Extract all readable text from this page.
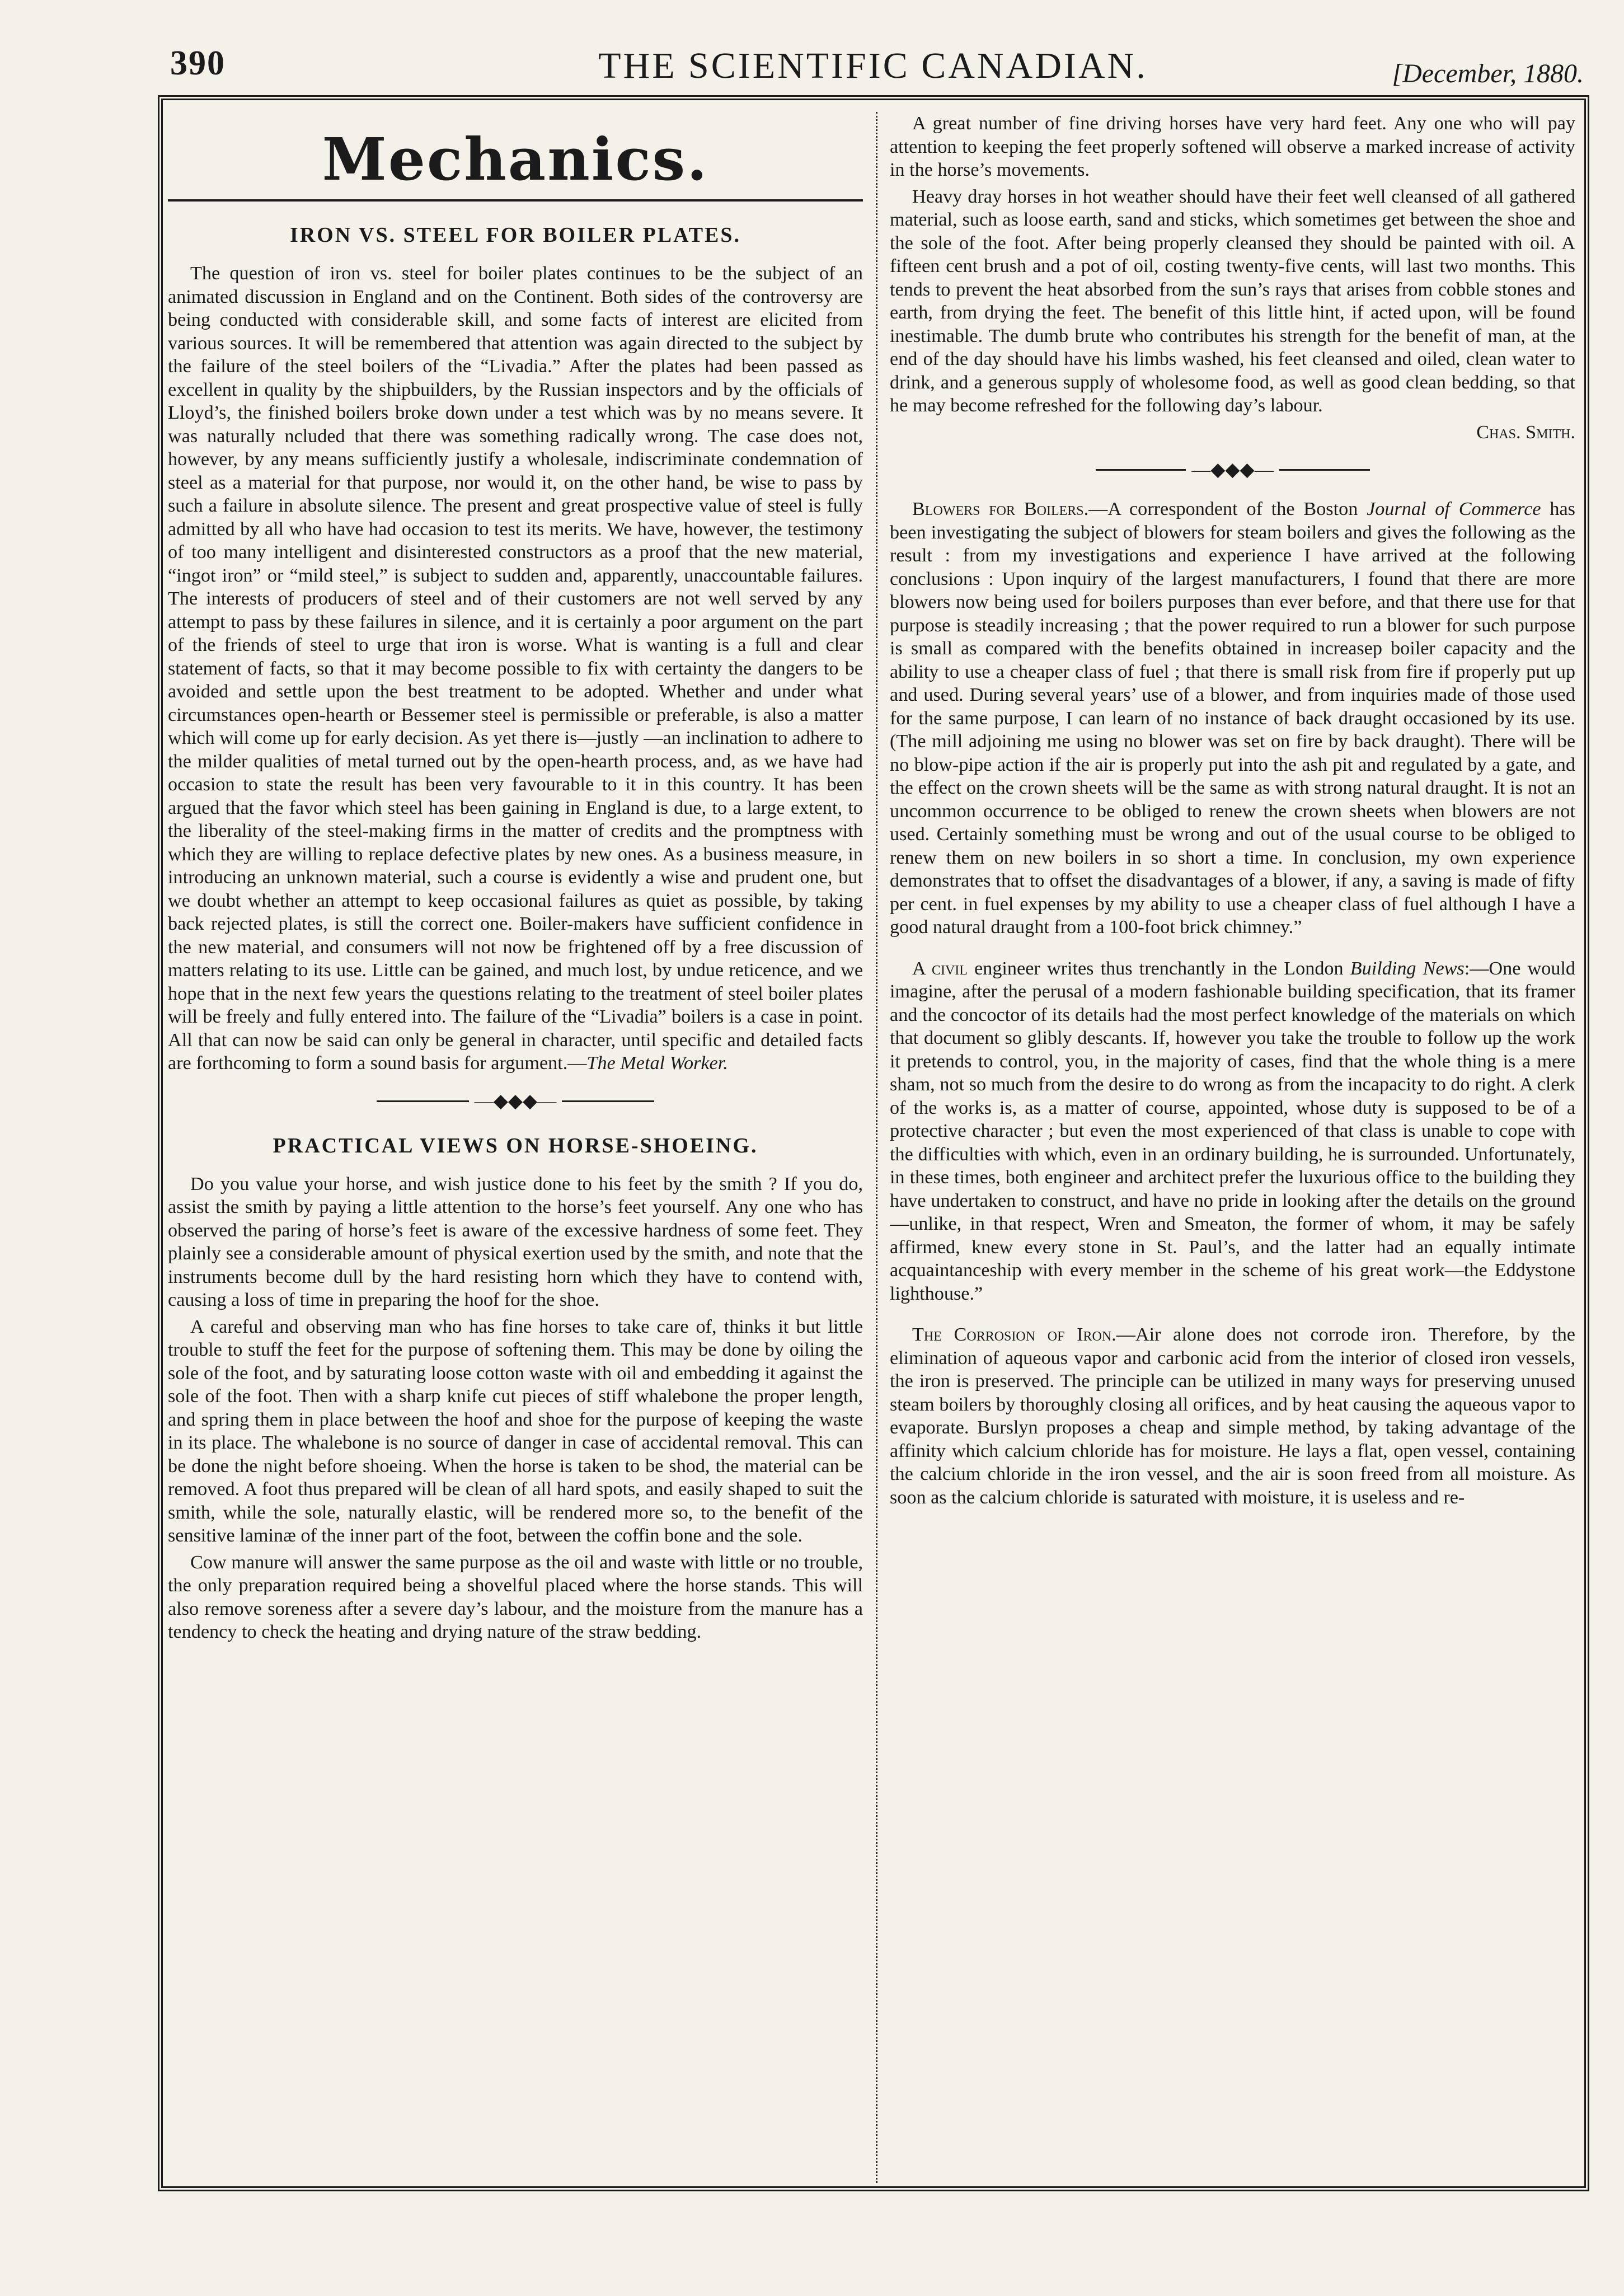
390	THE SCIENTIFIC CANADIAN.	[December, 1880.
Mechanics.
IRON VS. STEEL FOR BOILER PLATES.

The question of iron vs. steel for boiler plates continues to be the subject of an animated discussion in England and on the Continent. Both sides of the controversy are being conducted with considerable skill, and some facts of interest are elicited from various sources. It will be remembered that attention was again directed to the subject by the failure of the steel boilers of the “Livadia.” After the plates had been passed as excellent in quality by the shipbuilders, by the Russian inspectors and by the officials of Lloyd’s, the finished boilers broke down under a test which was by no means severe. It was naturally ncluded that there was something radically wrong. The case does not, however, by any means sufficiently justify a wholesale, indiscriminate condemnation of steel as a material for that purpose, nor would it, on the other hand, be wise to pass by such a failure in absolute silence. The present and great prospective value of steel is fully admitted by all who have had occasion to test its merits. We have, however, the testimony of too many intelligent and disinterested constructors as a proof that the new material, “ingot iron” or “mild steel,” is subject to sudden and, apparently, unaccountable failures. The interests of producers of steel and of their customers are not well served by any attempt to pass by these failures in silence, and it is certainly a poor argument on the part of the friends of steel to urge that iron is worse. What is wanting is a full and clear statement of facts, so that it may become possible to fix with certainty the dangers to be avoided and settle upon the best treatment to be adopted. Whether and under what circumstances open-hearth or Bessemer steel is permissible or preferable, is also a matter which will come up for early decision. As yet there is—justly —an inclination to adhere to the milder qualities of metal turned out by the open-hearth process, and, as we have had occasion to state the result has been very favourable to it in this country. It has been argued that the favor which steel has been gaining in England is due, to a large extent, to the liberality of the steel-making firms in the matter of credits and the promptness with which they are willing to replace defective plates by new ones. As a business measure, in introducing an unknown material, such a course is evidently a wise and prudent one, but we doubt whether an attempt to keep occasional failures as quiet as possible, by taking back rejected plates, is still the correct one. Boiler-makers have sufficient confidence in the new material, and consumers will not now be frightened off by a free discussion of matters relating to its use. Little can be gained, and much lost, by undue reticence, and we hope that in the next few years the questions relating to the treatment of steel boiler plates will be freely and fully entered into. The failure of the “Livadia” boilers is a case in point. All that can now be said can only be general in character, until specific and detailed facts are forthcoming to form a sound basis for argument.—The Metal Worker.

—◆◆◆—
PRACTICAL VIEWS ON HORSE-SHOEING.

Do you value your horse, and wish justice done to his feet by the smith ? If you do, assist the smith by paying a little attention to the horse’s feet yourself. Any one who has observed the paring of horse’s feet is aware of the excessive hardness of some feet. They plainly see a considerable amount of physical exertion used by the smith, and note that the instruments become dull by the hard resisting horn which they have to contend with, causing a loss of time in preparing the hoof for the shoe.

A careful and observing man who has fine horses to take care of, thinks it but little trouble to stuff the feet for the purpose of softening them. This may be done by oiling the sole of the foot, and by saturating loose cotton waste with oil and embedding it against the sole of the foot. Then with a sharp knife cut pieces of stiff whalebone the proper length, and spring them in place between the hoof and shoe for the purpose of keeping the waste in its place. The whalebone is no source of danger in case of accidental removal. This can be done the night before shoeing. When the horse is taken to be shod, the material can be removed. A foot thus prepared will be clean of all hard spots, and easily shaped to suit the smith, while the sole, naturally elastic, will be rendered more so, to the benefit of the sensitive laminæ of the inner part of the foot, between the coffin bone and the sole.

Cow manure will answer the same purpose as the oil and waste with little or no trouble, the only preparation required being a shovelful placed where the horse stands. This will also remove soreness after a severe day’s labour, and the moisture from the manure has a tendency to check the heating and drying nature of the straw bedding.

A great number of fine driving horses have very hard feet. Any one who will pay attention to keeping the feet properly softened will observe a marked increase of activity in the horse’s movements.

Heavy dray horses in hot weather should have their feet well cleansed of all gathered material, such as loose earth, sand and sticks, which sometimes get between the shoe and the sole of the foot. After being properly cleansed they should be painted with oil. A fifteen cent brush and a pot of oil, costing twenty-five cents, will last two months. This tends to prevent the heat absorbed from the sun’s rays that arises from cobble stones and earth, from drying the feet. The benefit of this little hint, if acted upon, will be found inestimable. The dumb brute who contributes his strength for the benefit of man, at the end of the day should have his limbs washed, his feet cleansed and oiled, clean water to drink, and a generous supply of wholesome food, as well as good clean bedding, so that he may become refreshed for the following day’s labour.

Chas. Smith.
—◆◆◆—

Blowers for Boilers.—A correspondent of the Boston Journal of Commerce has been investigating the subject of blowers for steam boilers and gives the following as the result : from my investigations and experience I have arrived at the following conclusions : Upon inquiry of the largest manufacturers, I found that there are more blowers now being used for boilers purposes than ever before, and that there use for that purpose is steadily increasing ; that the power required to run a blower for such purpose is small as compared with the benefits obtained in increasep boiler capacity and the ability to use a cheaper class of fuel ; that there is small risk from fire if properly put up and used. During several years’ use of a blower, and from inquiries made of those used for the same purpose, I can learn of no instance of back draught occasioned by its use. (The mill adjoining me using no blower was set on fire by back draught). There will be no blow-pipe action if the air is properly put into the ash pit and regulated by a gate, and the effect on the crown sheets will be the same as with strong natural draught. It is not an uncommon occurrence to be obliged to renew the crown sheets when blowers are not used. Certainly something must be wrong and out of the usual course to be obliged to renew them on new boilers in so short a time. In conclusion, my own experience demonstrates that to offset the disadvantages of a blower, if any, a saving is made of fifty per cent. in fuel expenses by my ability to use a cheaper class of fuel although I have a good natural draught from a 100-foot brick chimney.”

A civil engineer writes thus trenchantly in the London Building News:—One would imagine, after the perusal of a modern fashionable building specification, that its framer and the concoctor of its details had the most perfect knowledge of the materials on which that document so glibly descants. If, however you take the trouble to follow up the work it pretends to control, you, in the majority of cases, find that the whole thing is a mere sham, not so much from the desire to do wrong as from the incapacity to do right. A clerk of the works is, as a matter of course, appointed, whose duty is supposed to be of a protective character ; but even the most experienced of that class is unable to cope with the difficulties with which, even in an ordinary building, he is surrounded. Unfortunately, in these times, both engineer and architect prefer the luxurious office to the building they have undertaken to construct, and have no pride in looking after the details on the ground—unlike, in that respect, Wren and Smeaton, the former of whom, it may be safely affirmed, knew every stone in St. Paul’s, and the latter had an equally intimate acquaintanceship with every member in the scheme of his great work—the Eddystone lighthouse.”

The Corrosion of Iron.—Air alone does not corrode iron. Therefore, by the elimination of aqueous vapor and carbonic acid from the interior of closed iron vessels, the iron is preserved. The principle can be utilized in many ways for preserving unused steam boilers by thoroughly closing all orifices, and by heat causing the aqueous vapor to evaporate. Burslyn proposes a cheap and simple method, by taking advantage of the affinity which calcium chloride has for moisture. He lays a flat, open vessel, containing the calcium chloride in the iron vessel, and the air is soon freed from all moisture. As soon as the calcium chloride is saturated with moisture, it is useless and re-
